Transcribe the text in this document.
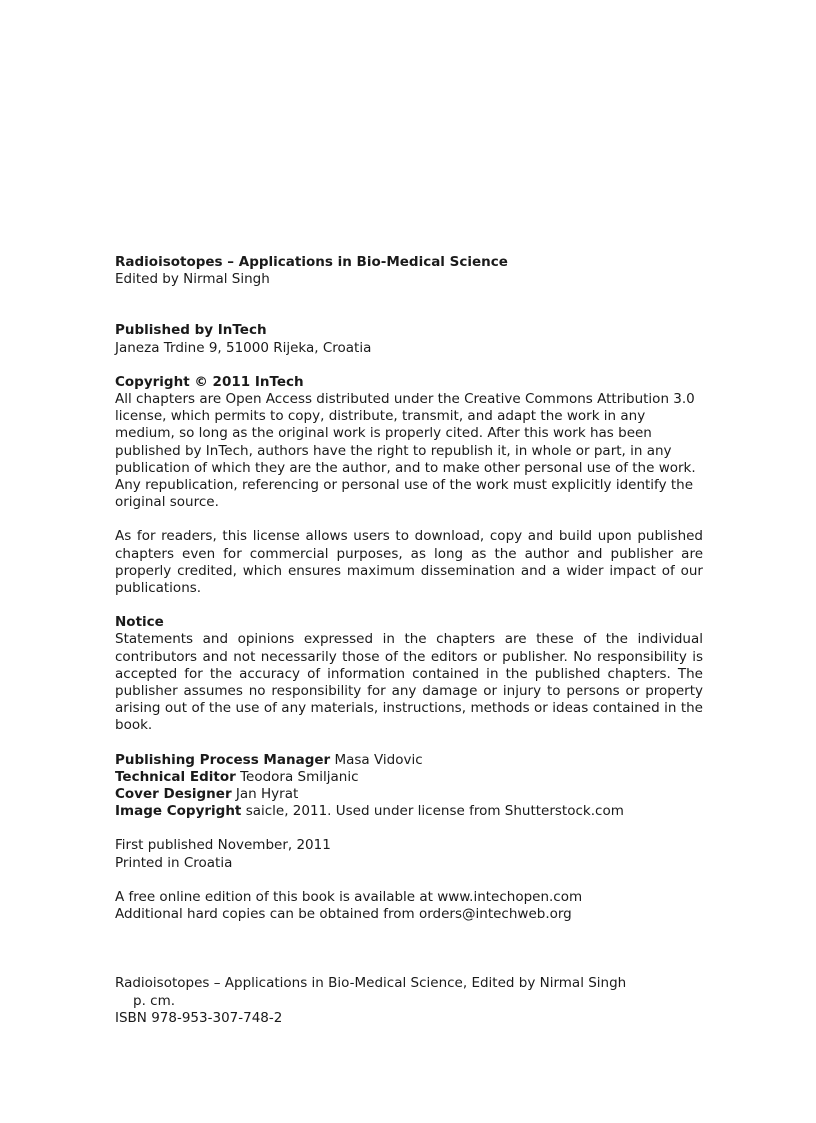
Radioisotopes – Applications in Bio-Medical Science

Edited by Nirmal Singh

Published by InTech

Janeza Trdine 9, 51000 Rijeka, Croatia

Copyright © 2011 InTech

All chapters are Open Access distributed under the Creative Commons Attribution 3.0 license, which permits to copy, distribute, transmit, and adapt the work in any medium, so long as the original work is properly cited. After this work has been published by InTech, authors have the right to republish it, in whole or part, in any publication of which they are the author, and to make other personal use of the work. Any republication, referencing or personal use of the work must explicitly identify the original source.

As for readers, this license allows users to download, copy and build upon published chapters even for commercial purposes, as long as the author and publisher are properly credited, which ensures maximum dissemination and a wider impact of our publications.

Notice

Statements and opinions expressed in the chapters are these of the individual contributors and not necessarily those of the editors or publisher. No responsibility is accepted for the accuracy of information contained in the published chapters. The publisher assumes no responsibility for any damage or injury to persons or property arising out of the use of any materials, instructions, methods or ideas contained in the book.

Publishing Process Manager Masa Vidovic

Technical Editor Teodora Smiljanic

Cover Designer Jan Hyrat

Image Copyright saicle, 2011. Used under license from Shutterstock.com

First published November, 2011

Printed in Croatia

A free online edition of this book is available at www.intechopen.com

Additional hard copies can be obtained from orders@intechweb.org

Radioisotopes – Applications in Bio-Medical Science, Edited by Nirmal Singh

p. cm.

ISBN 978-953-307-748-2
